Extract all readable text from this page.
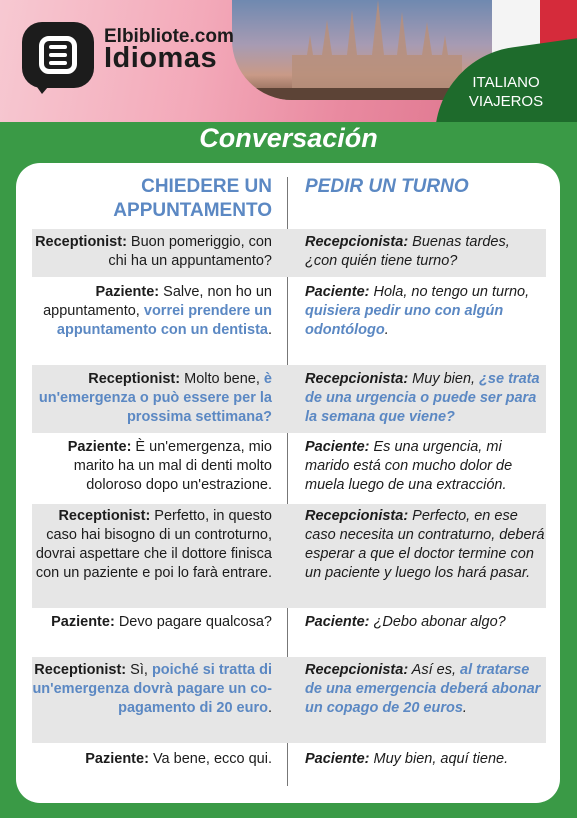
Elbibliote.com
Idiomas
ITALIANO
VIAJEROS
Conversación
CHIEDERE UN APPUNTAMENTO
PEDIR UN TURNO
Receptionist: Buon pomeriggio, con chi ha un appuntamento?
Recepcionista: Buenas tardes, ¿con quién tiene turno?
Paziente: Salve, non ho un appuntamento, vorrei prendere un appuntamento con un dentista.
Paciente: Hola, no tengo un turno, quisiera pedir uno con algún odontólogo.
Receptionist: Molto bene, è un'emergenza o può essere per la prossima settimana?
Recepcionista: Muy bien, ¿se trata de una urgencia o puede ser para la semana que viene?
Paziente: È un'emergenza, mio marito ha un mal di denti molto doloroso dopo un'estrazione.
Paciente: Es una urgencia, mi marido está con mucho dolor de muela luego de una extracción.
Receptionist: Perfetto, in questo caso hai bisogno di un controturno, dovrai aspettare che il dottore finisca con un paziente e poi lo farà entrare.
Recepcionista: Perfecto, en ese caso necesita un contraturno, deberá esperar a que el doctor termine con un paciente y luego los hará pasar.
Paziente: Devo pagare qualcosa? Paciente: ¿Debo abonar algo?
Receptionist: Sì, poiché si tratta di un'emergenza dovrà pagare un co-pagamento di 20 euro.
Recepcionista: Así es, al tratarse de una emergencia deberá abonar un copago de 20 euros.
Paziente: Va bene, ecco qui. Paciente: Muy bien, aquí tiene.
